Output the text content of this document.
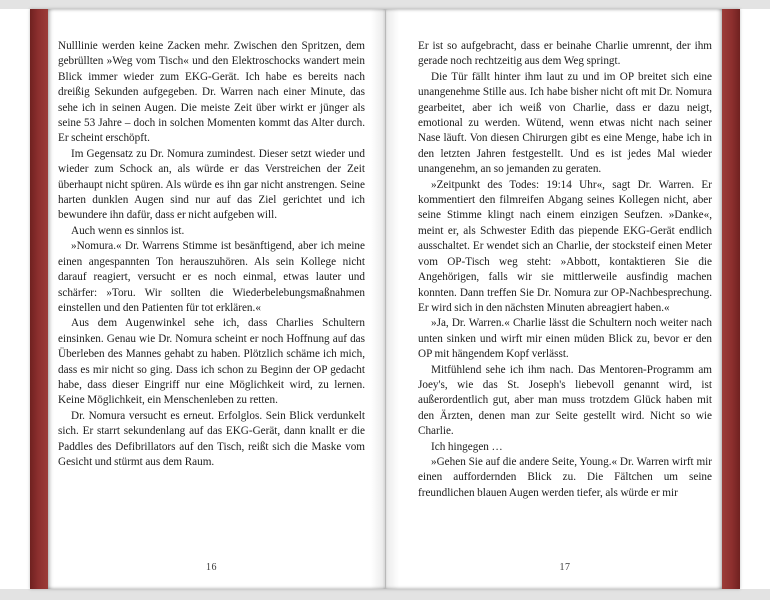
Nulllinie werden keine Zacken mehr. Zwischen den Spritzen, dem gebrüllten »Weg vom Tisch« und den Elektroschocks wandert mein Blick immer wieder zum EKG-Gerät. Ich habe es bereits nach dreißig Sekunden aufgegeben. Dr. Warren nach einer Minute, das sehe ich in seinen Augen. Die meiste Zeit über wirkt er jünger als seine 53 Jahre – doch in solchen Momenten kommt das Alter durch. Er scheint erschöpft.

Im Gegensatz zu Dr. Nomura zumindest. Dieser setzt wieder und wieder zum Schock an, als würde er das Verstreichen der Zeit überhaupt nicht spüren. Als würde es ihn gar nicht anstrengen. Seine harten dunklen Augen sind nur auf das Ziel gerichtet und ich bewundere ihn dafür, dass er nicht aufgeben will.

Auch wenn es sinnlos ist.

»Nomura.« Dr. Warrens Stimme ist besänftigend, aber ich meine einen angespannten Ton herauszuhören. Als sein Kollege nicht darauf reagiert, versucht er es noch einmal, etwas lauter und schärfer: »Toru. Wir sollten die Wiederbelebungsmaßnahmen einstellen und den Patienten für tot erklären.«

Aus dem Augenwinkel sehe ich, dass Charlies Schultern einsinken. Genau wie Dr. Nomura scheint er noch Hoffnung auf das Überleben des Mannes gehabt zu haben. Plötzlich schäme ich mich, dass es mir nicht so ging. Dass ich schon zu Beginn der OP gedacht habe, dass dieser Eingriff nur eine Möglichkeit wird, zu lernen. Keine Möglichkeit, ein Menschenleben zu retten.

Dr. Nomura versucht es erneut. Erfolglos. Sein Blick verdunkelt sich. Er starrt sekundenlang auf das EKG-Gerät, dann knallt er die Paddles des Defibrillators auf den Tisch, reißt sich die Maske vom Gesicht und stürmt aus dem Raum.

16

Er ist so aufgebracht, dass er beinahe Charlie umrennt, der ihm gerade noch rechtzeitig aus dem Weg springt.

Die Tür fällt hinter ihm laut zu und im OP breitet sich eine unangenehme Stille aus. Ich habe bisher nicht oft mit Dr. Nomura gearbeitet, aber ich weiß von Charlie, dass er dazu neigt, emotional zu werden. Wütend, wenn etwas nicht nach seiner Nase läuft. Von diesen Chirurgen gibt es eine Menge, habe ich in den letzten Jahren festgestellt. Und es ist jedes Mal wieder unangenehm, an so jemanden zu geraten.

»Zeitpunkt des Todes: 19:14 Uhr«, sagt Dr. Warren. Er kommentiert den filmreifen Abgang seines Kollegen nicht, aber seine Stimme klingt nach einem einzigen Seufzen. »Danke«, meint er, als Schwester Edith das piepende EKG-Gerät endlich ausschaltet. Er wendet sich an Charlie, der stocksteif einen Meter vom OP-Tisch weg steht: »Abbott, kontaktieren Sie die Angehörigen, falls wir sie mittlerweile ausfindig machen konnten. Dann treffen Sie Dr. Nomura zur OP-Nachbesprechung. Er wird sich in den nächsten Minuten abreagiert haben.«

»Ja, Dr. Warren.« Charlie lässt die Schultern noch weiter nach unten sinken und wirft mir einen müden Blick zu, bevor er den OP mit hängendem Kopf verlässt.

Mitfühlend sehe ich ihm nach. Das Mentoren-Programm am Joey's, wie das St. Joseph's liebevoll genannt wird, ist außerordentlich gut, aber man muss trotzdem Glück haben mit den Ärzten, denen man zur Seite gestellt wird. Nicht so wie Charlie.

Ich hingegen …

»Gehen Sie auf die andere Seite, Young.« Dr. Warren wirft mir einen auffordernden Blick zu. Die Fältchen um seine freundlichen blauen Augen werden tiefer, als würde er mir

17
